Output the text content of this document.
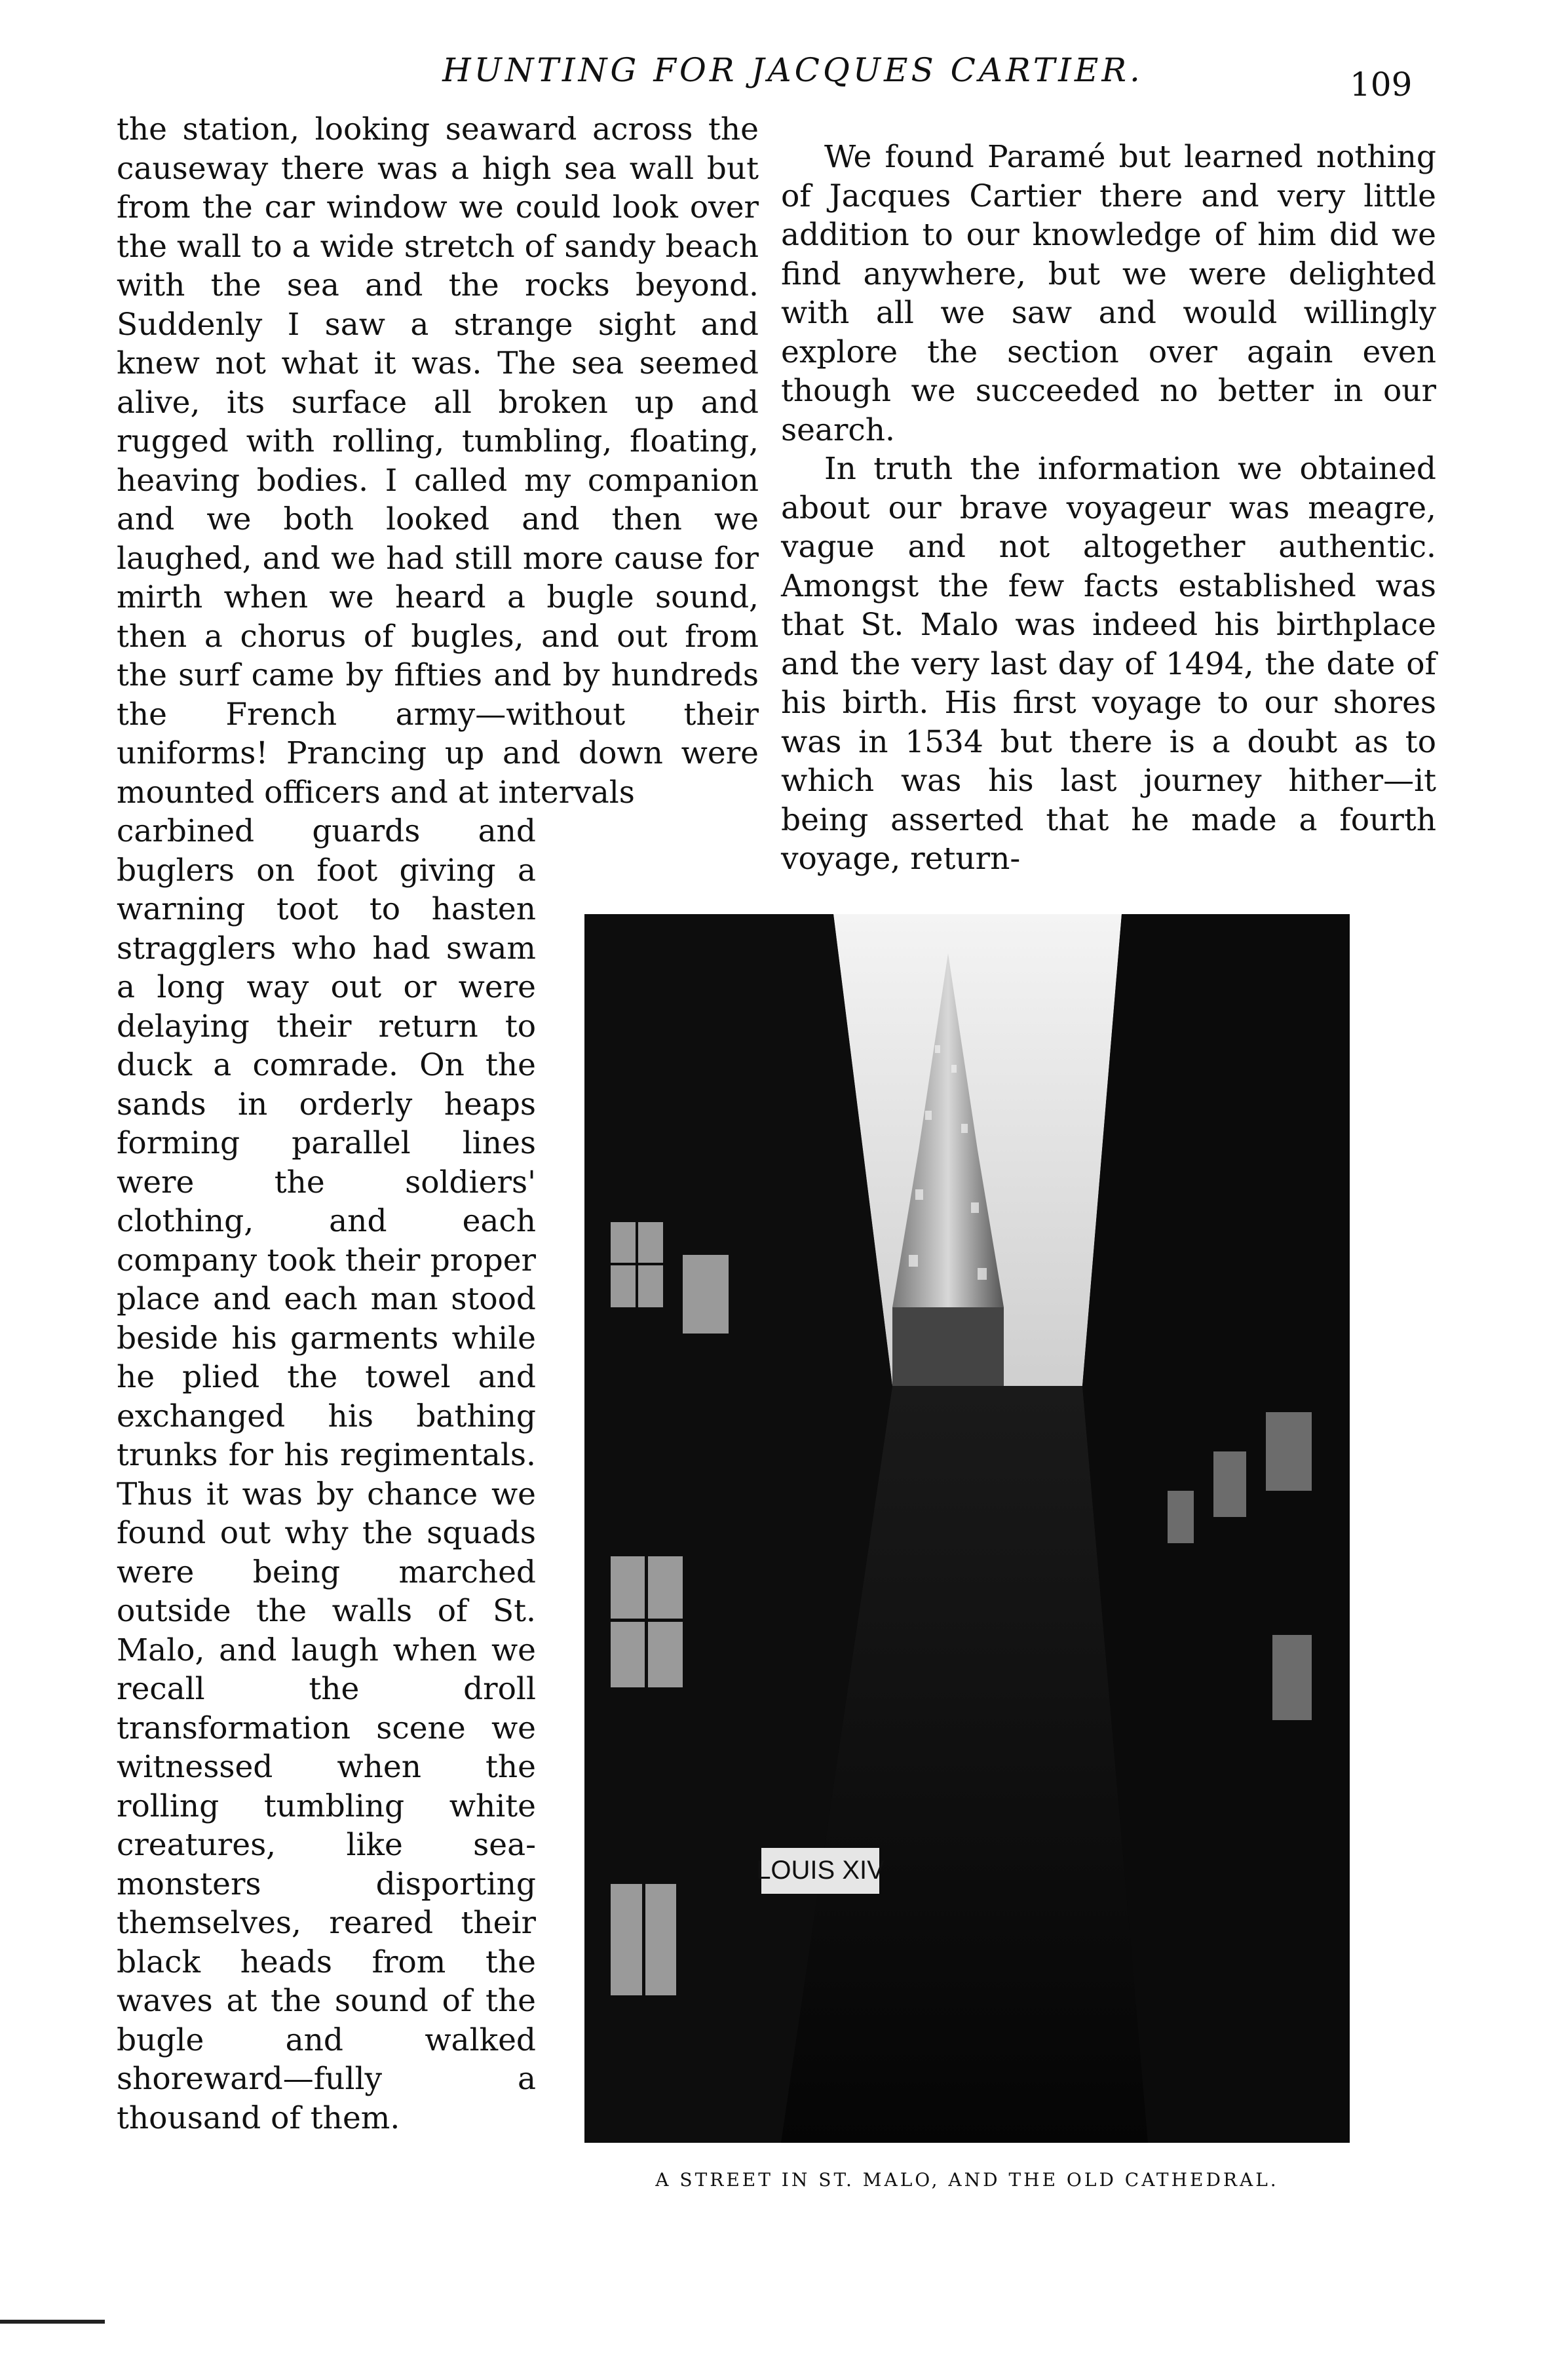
HUNTING FOR JACQUES CARTIER.	109

the station, looking seaward across the causeway there was a high sea wall but from the car window we could look over the wall to a wide stretch of sandy beach with the sea and the rocks beyond. Suddenly I saw a strange sight and knew not what it was. The sea seemed alive, its surface all broken up and rugged with rolling, tumbling, floating, heaving bodies. I called my companion and we both looked and then we laughed, and we had still more cause for mirth when we heard a bugle sound, then a chorus of bugles, and out from the surf came by fifties and by hundreds the French army—without their uniforms! Prancing up and down were mounted officers and at intervals

carbined guards and buglers on foot giving a warning toot to hasten stragglers who had swam a long way out or were delaying their return to duck a comrade. On the sands in orderly heaps forming parallel lines were the soldiers' clothing, and each company took their proper place and each man stood beside his garments while he plied the towel and exchanged his bathing trunks for his regimentals. Thus it was by chance we found out why the squads were being marched outside the walls of St. Malo, and laugh when we recall the droll transformation scene we witnessed when the rolling tumbling white creatures, like sea-monsters disporting themselves, reared their black heads from the waves at the sound of the bugle and walked shoreward—fully a thousand of them.

We found Paramé but learned nothing of Jacques Cartier there and very little addition to our knowledge of him did we find anywhere, but we were delighted with all we saw and would willingly explore the section over again even though we succeeded no better in our search.

In truth the information we obtained about our brave voyageur was meagre, vague and not altogether authentic. Amongst the few facts established was that St. Malo was indeed his birthplace and the very last day of 1494, the date of his birth. His first voyage to our shores was in 1534 but there is a doubt as to which was his last journey hither—it being asserted that he made a fourth voyage, return-

LOUIS XIV
A STREET IN ST. MALO, AND THE OLD CATHEDRAL.
